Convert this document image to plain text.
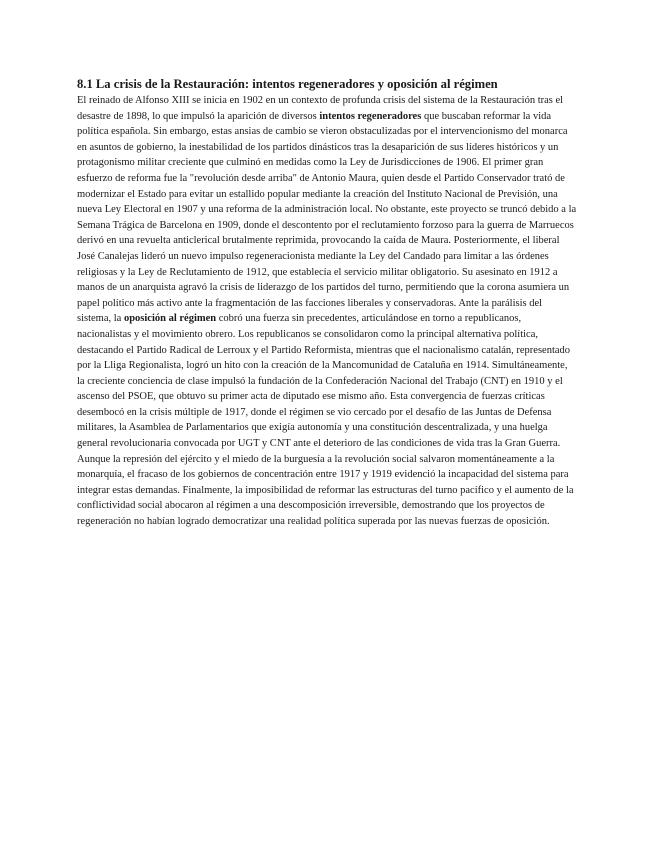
8.1 La crisis de la Restauración: intentos regeneradores y oposición al régimen

El reinado de Alfonso XIII se inicia en 1902 en un contexto de profunda crisis del sistema de la Restauración tras el desastre de 1898, lo que impulsó la aparición de diversos intentos regeneradores que buscaban reformar la vida política española. Sin embargo, estas ansias de cambio se vieron obstaculizadas por el intervencionismo del monarca en asuntos de gobierno, la inestabilidad de los partidos dinásticos tras la desaparición de sus líderes históricos y un protagonismo militar creciente que culminó en medidas como la Ley de Jurisdicciones de 1906. El primer gran esfuerzo de reforma fue la "revolución desde arriba" de Antonio Maura, quien desde el Partido Conservador trató de modernizar el Estado para evitar un estallido popular mediante la creación del Instituto Nacional de Previsión, una nueva Ley Electoral en 1907 y una reforma de la administración local. No obstante, este proyecto se truncó debido a la Semana Trágica de Barcelona en 1909, donde el descontento por el reclutamiento forzoso para la guerra de Marruecos derivó en una revuelta anticlerical brutalmente reprimida, provocando la caída de Maura. Posteriormente, el liberal José Canalejas lideró un nuevo impulso regeneracionista mediante la Ley del Candado para limitar a las órdenes religiosas y la Ley de Reclutamiento de 1912, que establecía el servicio militar obligatorio. Su asesinato en 1912 a manos de un anarquista agravó la crisis de liderazgo de los partidos del turno, permitiendo que la corona asumiera un papel político más activo ante la fragmentación de las facciones liberales y conservadoras. Ante la parálisis del sistema, la oposición al régimen cobró una fuerza sin precedentes, articulándose en torno a republicanos, nacionalistas y el movimiento obrero. Los republicanos se consolidaron como la principal alternativa política, destacando el Partido Radical de Lerroux y el Partido Reformista, mientras que el nacionalismo catalán, representado por la Lliga Regionalista, logró un hito con la creación de la Mancomunidad de Cataluña en 1914. Simultáneamente, la creciente conciencia de clase impulsó la fundación de la Confederación Nacional del Trabajo (CNT) en 1910 y el ascenso del PSOE, que obtuvo su primer acta de diputado ese mismo año. Esta convergencia de fuerzas críticas desembocó en la crisis múltiple de 1917, donde el régimen se vio cercado por el desafío de las Juntas de Defensa militares, la Asamblea de Parlamentarios que exigía autonomía y una constitución descentralizada, y una huelga general revolucionaria convocada por UGT y CNT ante el deterioro de las condiciones de vida tras la Gran Guerra. Aunque la represión del ejército y el miedo de la burguesía a la revolución social salvaron momentáneamente a la monarquía, el fracaso de los gobiernos de concentración entre 1917 y 1919 evidenció la incapacidad del sistema para integrar estas demandas. Finalmente, la imposibilidad de reformar las estructuras del turno pacífico y el aumento de la conflictividad social abocaron al régimen a una descomposición irreversible, demostrando que los proyectos de regeneración no habían logrado democratizar una realidad política superada por las nuevas fuerzas de oposición.
